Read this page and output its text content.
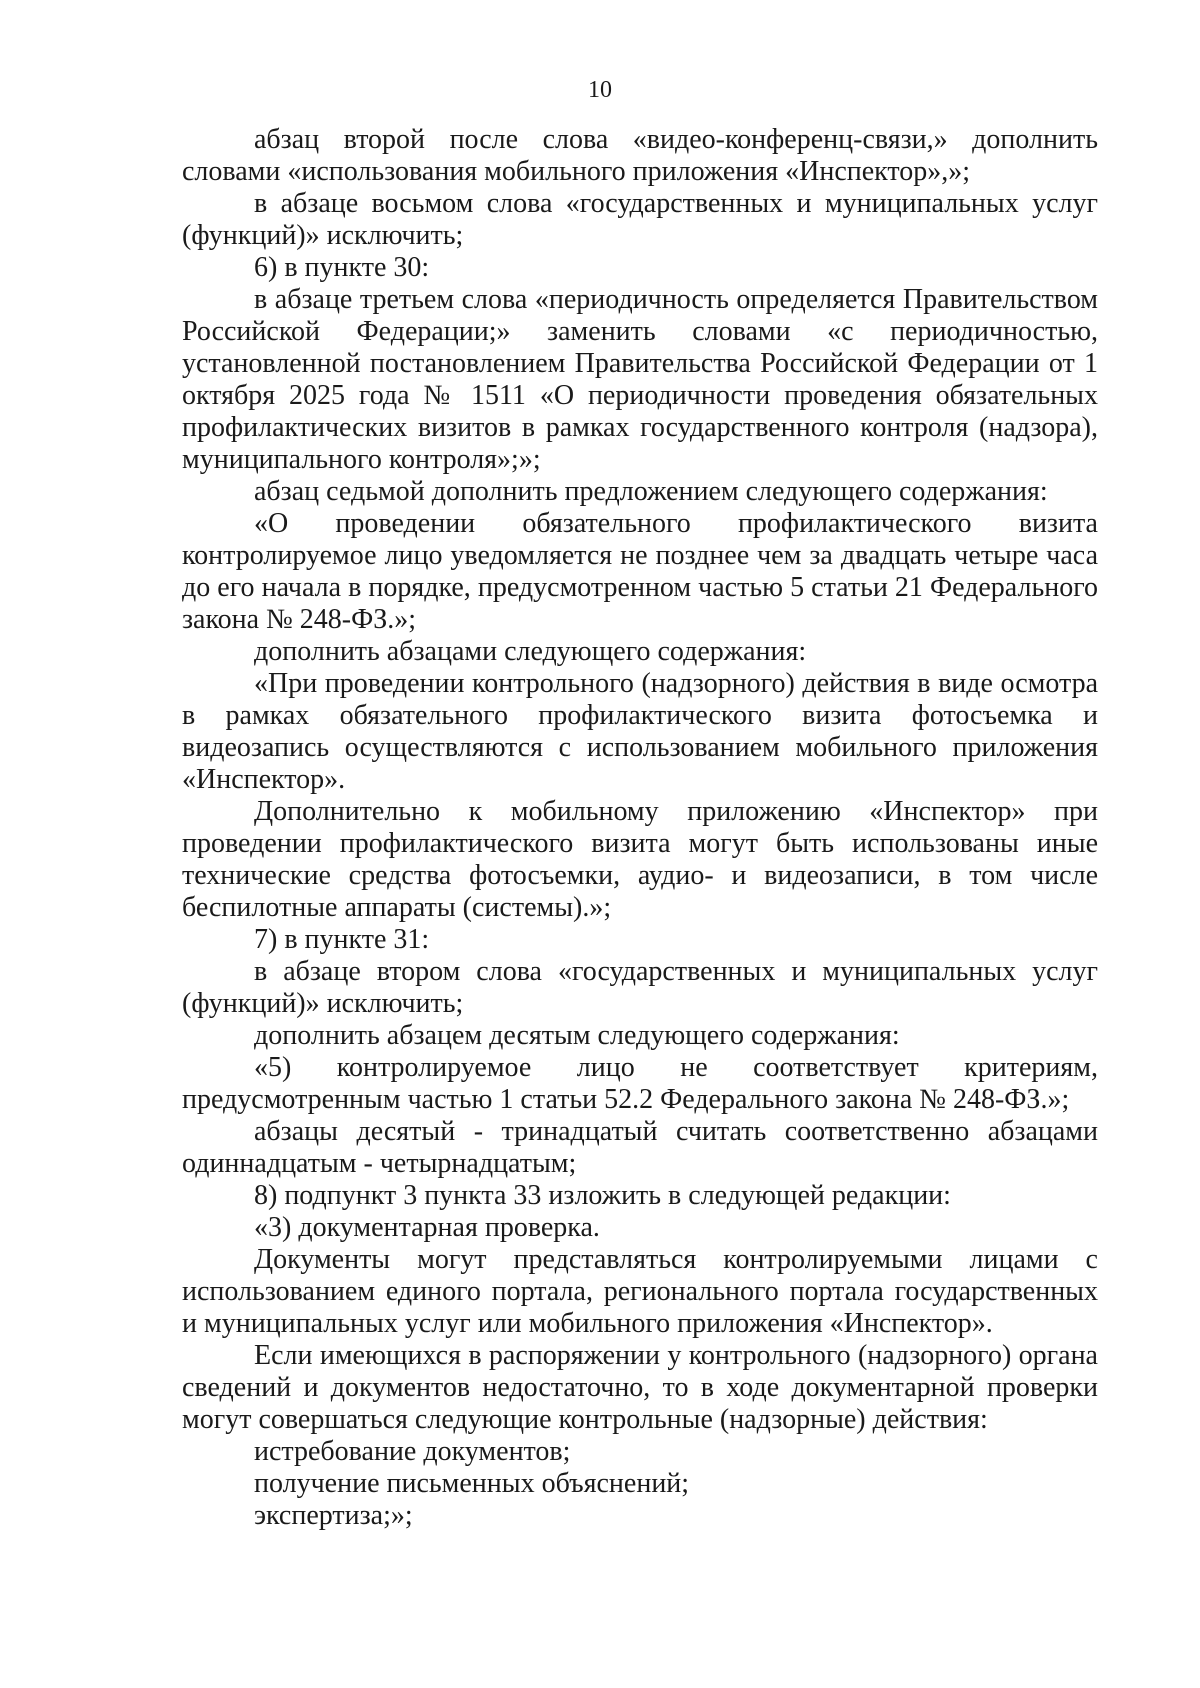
10

абзац второй после слова «видео-конференц-связи,» дополнить словами «использования мобильного приложения «Инспектор»,»;

в абзаце восьмом слова «государственных и муниципальных услуг (функций)» исключить;

6) в пункте 30:

в абзаце третьем слова «периодичность определяется Правительством Российской Федерации;» заменить словами «с периодичностью, установленной постановлением Правительства Российской Федерации от 1 октября 2025 года № 1511 «О периодичности проведения обязательных профилактических визитов в рамках государственного контроля (надзора), муниципального контроля»;»;

абзац седьмой дополнить предложением следующего содержания:

«О проведении обязательного профилактического визита контролируемое лицо уведомляется не позднее чем за двадцать четыре часа до его начала в порядке, предусмотренном частью 5 статьи 21 Федерального закона № 248-ФЗ.»;

дополнить абзацами следующего содержания:

«При проведении контрольного (надзорного) действия в виде осмотра в рамках обязательного профилактического визита фотосъемка и видеозапись осуществляются с использованием мобильного приложения «Инспектор».

Дополнительно к мобильному приложению «Инспектор» при проведении профилактического визита могут быть использованы иные технические средства фотосъемки, аудио- и видеозаписи, в том числе беспилотные аппараты (системы).»;

7) в пункте 31:

в абзаце втором слова «государственных и муниципальных услуг (функций)» исключить;

дополнить абзацем десятым следующего содержания:

«5) контролируемое лицо не соответствует критериям, предусмотренным частью 1 статьи 52.2 Федерального закона № 248-ФЗ.»;

абзацы десятый - тринадцатый считать соответственно абзацами одиннадцатым - четырнадцатым;

8) подпункт 3 пункта 33 изложить в следующей редакции:

«3) документарная проверка.

Документы могут представляться контролируемыми лицами с использованием единого портала, регионального портала государственных и муниципальных услуг или мобильного приложения «Инспектор».

Если имеющихся в распоряжении у контрольного (надзорного) органа сведений и документов недостаточно, то в ходе документарной проверки могут совершаться следующие контрольные (надзорные) действия:

истребование документов;

получение письменных объяснений;

экспертиза;»;
